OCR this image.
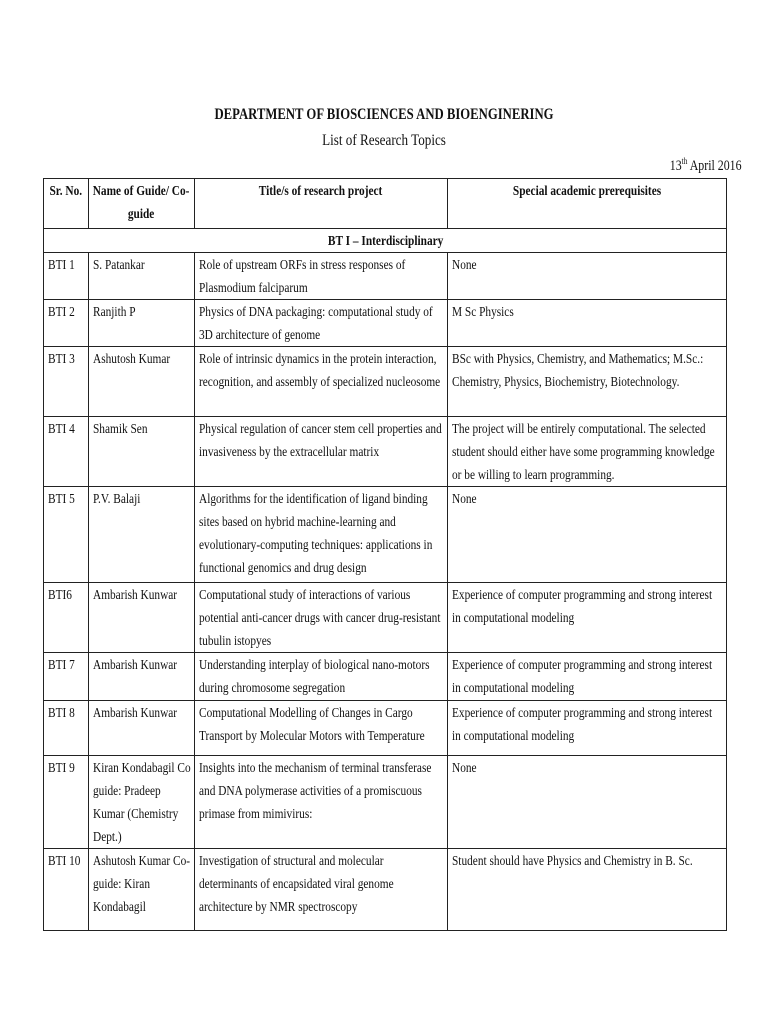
DEPARTMENT OF BIOSCIENCES AND BIOENGINERING
List of Research Topics
13th April 2016
Sr. No.	Name of Guide/ Co-guide	Title/s of research project	Special academic prerequisites
BT I – Interdisciplinary			
BTI 1	S. Patankar	Role of upstream ORFs in stress responses of Plasmodium falciparum	None
BTI 2	Ranjith P	Physics of DNA packaging: computational study of 3D architecture of genome	M Sc Physics
BTI 3	Ashutosh Kumar	Role of intrinsic dynamics in the protein interaction, recognition, and assembly of specialized nucleosome	BSc with Physics, Chemistry, and Mathematics; M.Sc.: Chemistry, Physics, Biochemistry, Biotechnology.
BTI 4	Shamik Sen	Physical regulation of cancer stem cell properties and invasiveness by the extracellular matrix	The project will be entirely computational. The selected student should either have some programming knowledge or be willing to learn programming.
BTI 5	P.V. Balaji	Algorithms for the identification of ligand binding sites based on hybrid machine-learning and evolutionary-computing techniques: applications in functional genomics and drug design	None
BTI6	Ambarish Kunwar	Computational study of interactions of various potential anti-cancer drugs with cancer drug-resistant tubulin istopyes	Experience of computer programming and strong interest in computational modeling
BTI 7	Ambarish Kunwar	Understanding interplay of biological nano-motors during chromosome segregation	Experience of computer programming and strong interest in computational modeling
BTI 8	Ambarish Kunwar	Computational Modelling of Changes in Cargo Transport by Molecular Motors with Temperature	Experience of computer programming and strong interest in computational modeling
BTI 9	Kiran Kondabagil Co guide: Pradeep Kumar (Chemistry Dept.)	Insights into the mechanism of terminal transferase and DNA polymerase activities of a promiscuous primase from mimivirus:	None
BTI 10	Ashutosh Kumar Co-guide: Kiran Kondabagil	Investigation of structural and molecular determinants of encapsidated viral genome architecture by NMR spectroscopy	Student should have Physics and Chemistry in B. Sc.
